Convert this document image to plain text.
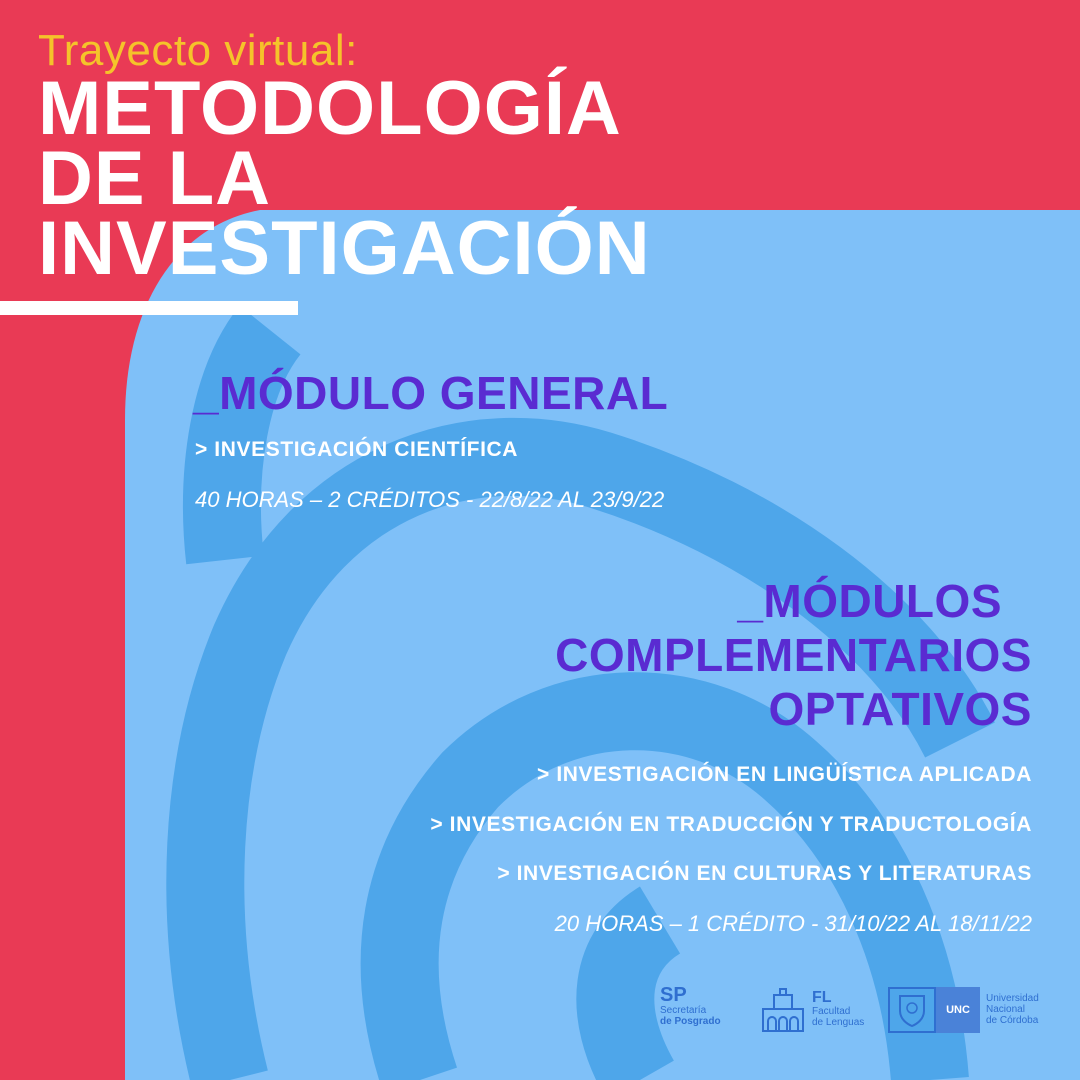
Trayecto virtual:
METODOLOGÍA
DE LA
INVESTIGACIÓN
_MÓDULO GENERAL
> INVESTIGACIÓN CIENTÍFICA
40 HORAS – 2 CRÉDITOS - 22/8/22 AL 23/9/22
_MÓDULOS
COMPLEMENTARIOS
OPTATIVOS
> INVESTIGACIÓN EN LINGÜÍSTICA APLICADA
> INVESTIGACIÓN EN TRADUCCIÓN Y TRADUCTOLOGÍA
> INVESTIGACIÓN EN CULTURAS Y LITERATURAS
20 HORAS – 1 CRÉDITO - 31/10/22 AL 18/11/22
SP
Secretaría
de Posgrado
FL
Facultad
de Lenguas
UNC
Universidad
Nacional
de Córdoba
